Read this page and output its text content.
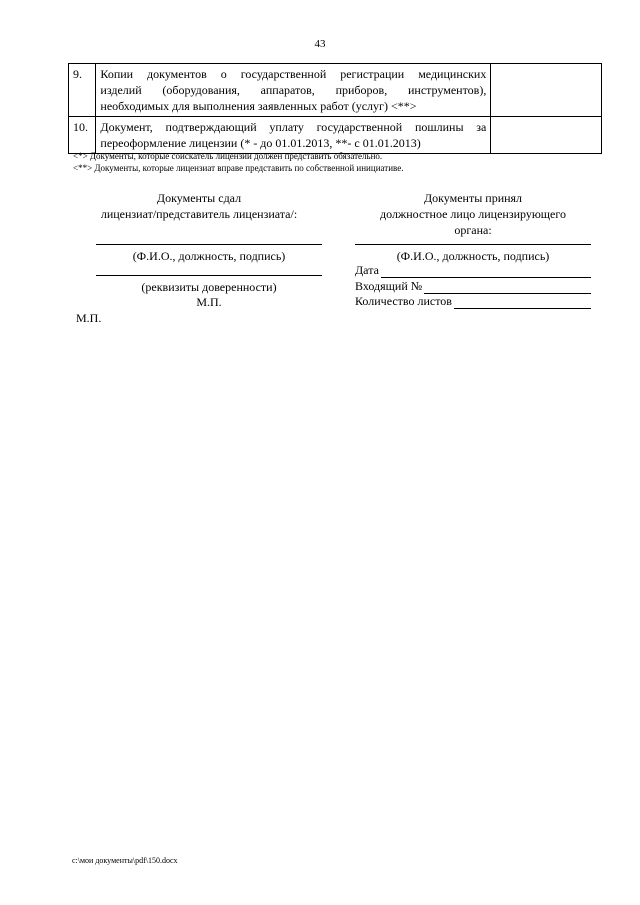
43
9.	Копии документов о государственной регистрации медицинских
изделий (оборудования, аппаратов, приборов, инструментов),
необходимых для выполнения заявленных работ (услуг) <**>	

10.	Документ, подтверждающий уплату государственной пошлины за
переоформление лицензии (* - до 01.01.2013, **- с 01.01.2013)	

<*> Документы, которые соискатель лицензии должен представить обязательно.
<**> Документы, которые лицензиат вправе представить по собственной инициативе.
Документы сдал
лицензиат/представитель лицензиата/:
(Ф.И.О., должность, подпись)
(реквизиты доверенности)
М.П.
М.П.
Документы принял
должностное лицо лицензирующего
органа:
(Ф.И.О., должность, подпись)
Дата
Входящий №
Количество листов
c:\мои документы\pdf\150.docx
